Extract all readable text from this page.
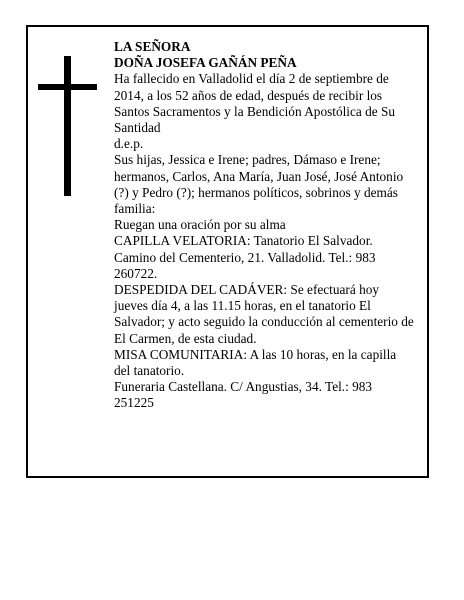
LA SEÑORA

DOÑA JOSEFA GAÑÁN PEÑA

Ha fallecido en Valladolid el día 2 de septiembre de 2014, a los 52 años de edad, después de recibir los Santos Sacramentos y la Bendición Apostólica de Su Santidad

d.e.p.

Sus hijas, Jessica e Irene; padres, Dámaso e Irene; hermanos, Carlos, Ana María, Juan José, José Antonio (?) y Pedro (?); hermanos políticos, sobrinos y demás familia:

Ruegan una oración por su alma

CAPILLA VELATORIA: Tanatorio El Salvador. Camino del Cementerio, 21. Valladolid. Tel.: 983 260722.

DESPEDIDA DEL CADÁVER: Se efectuará hoy jueves día 4, a las 11.15 horas, en el tanatorio El Salvador; y acto seguido la conducción al cementerio de El Carmen, de esta ciudad.

MISA COMUNITARIA: A las 10 horas, en la capilla del tanatorio.

Funeraria Castellana. C/ Angustias, 34. Tel.: 983 251225
